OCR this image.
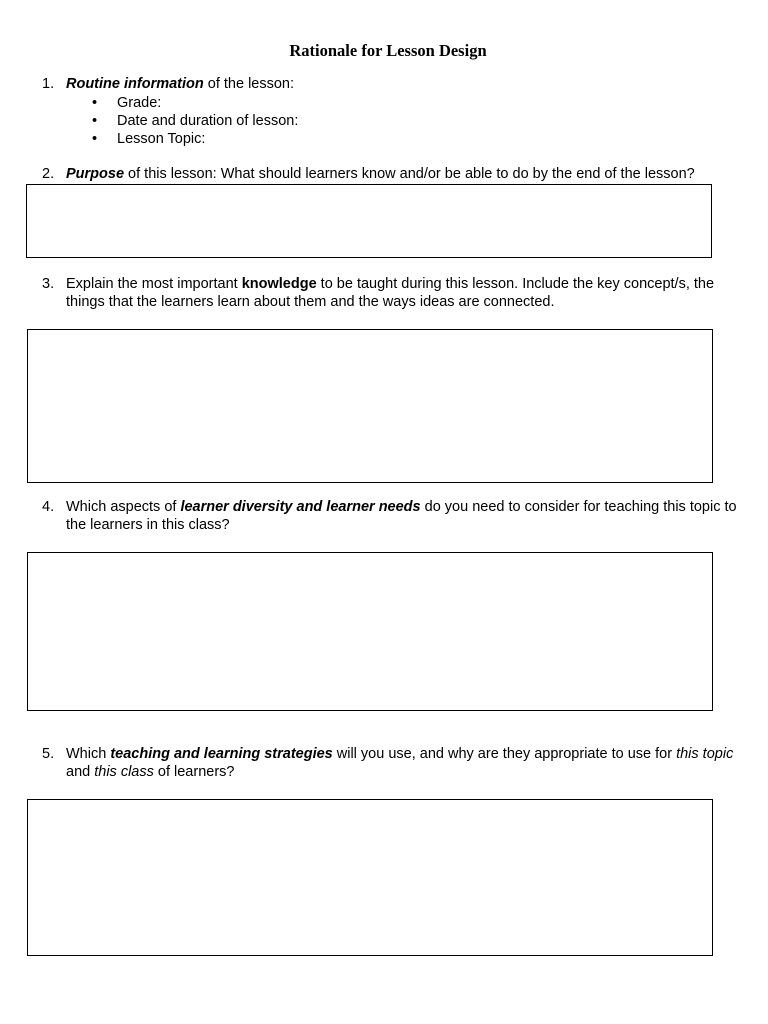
Rationale for Lesson Design
1. Routine information of the lesson:
• Grade:
• Date and duration of lesson:
• Lesson Topic:
2. Purpose of this lesson: What should learners know and/or be able to do by the end of the lesson?
3. Explain the most important knowledge to be taught during this lesson. Include the key concept/s, the things that the learners learn about them and the ways ideas are connected.
4. Which aspects of learner diversity and learner needs do you need to consider for teaching this topic to the learners in this class?
5. Which teaching and learning strategies will you use, and why are they appropriate to use for this topic and this class of learners?
